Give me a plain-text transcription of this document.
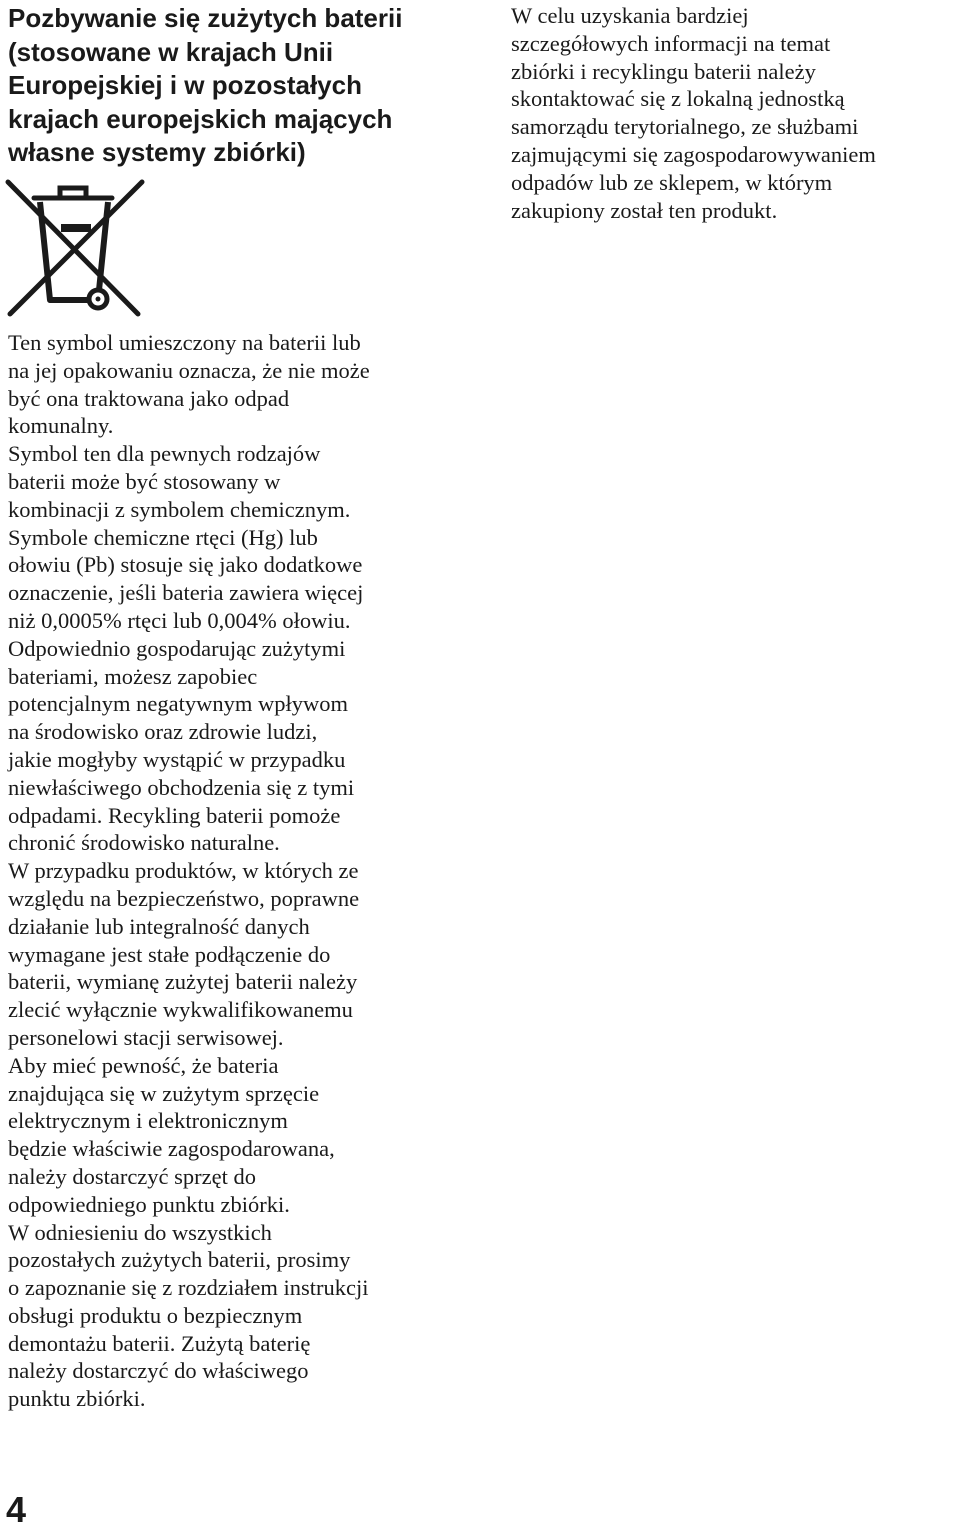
Pozbywanie się zużytych baterii
(stosowane w krajach Unii
Europejskiej i w pozostałych
krajach europejskich mających
własne systemy zbiórki)

Ten symbol umieszczony na baterii lub
na jej opakowaniu oznacza, że nie może
być ona traktowana jako odpad
komunalny.

Symbol ten dla pewnych rodzajów
baterii może być stosowany w
kombinacji z symbolem chemicznym.

Symbole chemiczne rtęci (Hg) lub
ołowiu (Pb) stosuje się jako dodatkowe
oznaczenie, jeśli bateria zawiera więcej
niż 0,0005% rtęci lub 0,004% ołowiu.

Odpowiednio gospodarując zużytymi
bateriami, możesz zapobiec
potencjalnym negatywnym wpływom
na środowisko oraz zdrowie ludzi,
jakie mogłyby wystąpić w przypadku
niewłaściwego obchodzenia się z tymi
odpadami. Recykling baterii pomoże
chronić środowisko naturalne.

W przypadku produktów, w których ze
względu na bezpieczeństwo, poprawne
działanie lub integralność danych
wymagane jest stałe podłączenie do
baterii, wymianę zużytej baterii należy
zlecić wyłącznie wykwalifikowanemu
personelowi stacji serwisowej.

Aby mieć pewność, że bateria
znajdująca się w zużytym sprzęcie
elektrycznym i elektronicznym
będzie właściwie zagospodarowana,
należy dostarczyć sprzęt do
odpowiedniego punktu zbiórki.

W odniesieniu do wszystkich
pozostałych zużytych baterii, prosimy
o zapoznanie się z rozdziałem instrukcji
obsługi produktu o bezpiecznym
demontażu baterii. Zużytą baterię
należy dostarczyć do właściwego
punktu zbiórki.

W celu uzyskania bardziej
szczegółowych informacji na temat
zbiórki i recyklingu baterii należy
skontaktować się z lokalną jednostką
samorządu terytorialnego, ze służbami
zajmującymi się zagospodarowywaniem
odpadów lub ze sklepem, w którym
zakupiony został ten produkt.

4
